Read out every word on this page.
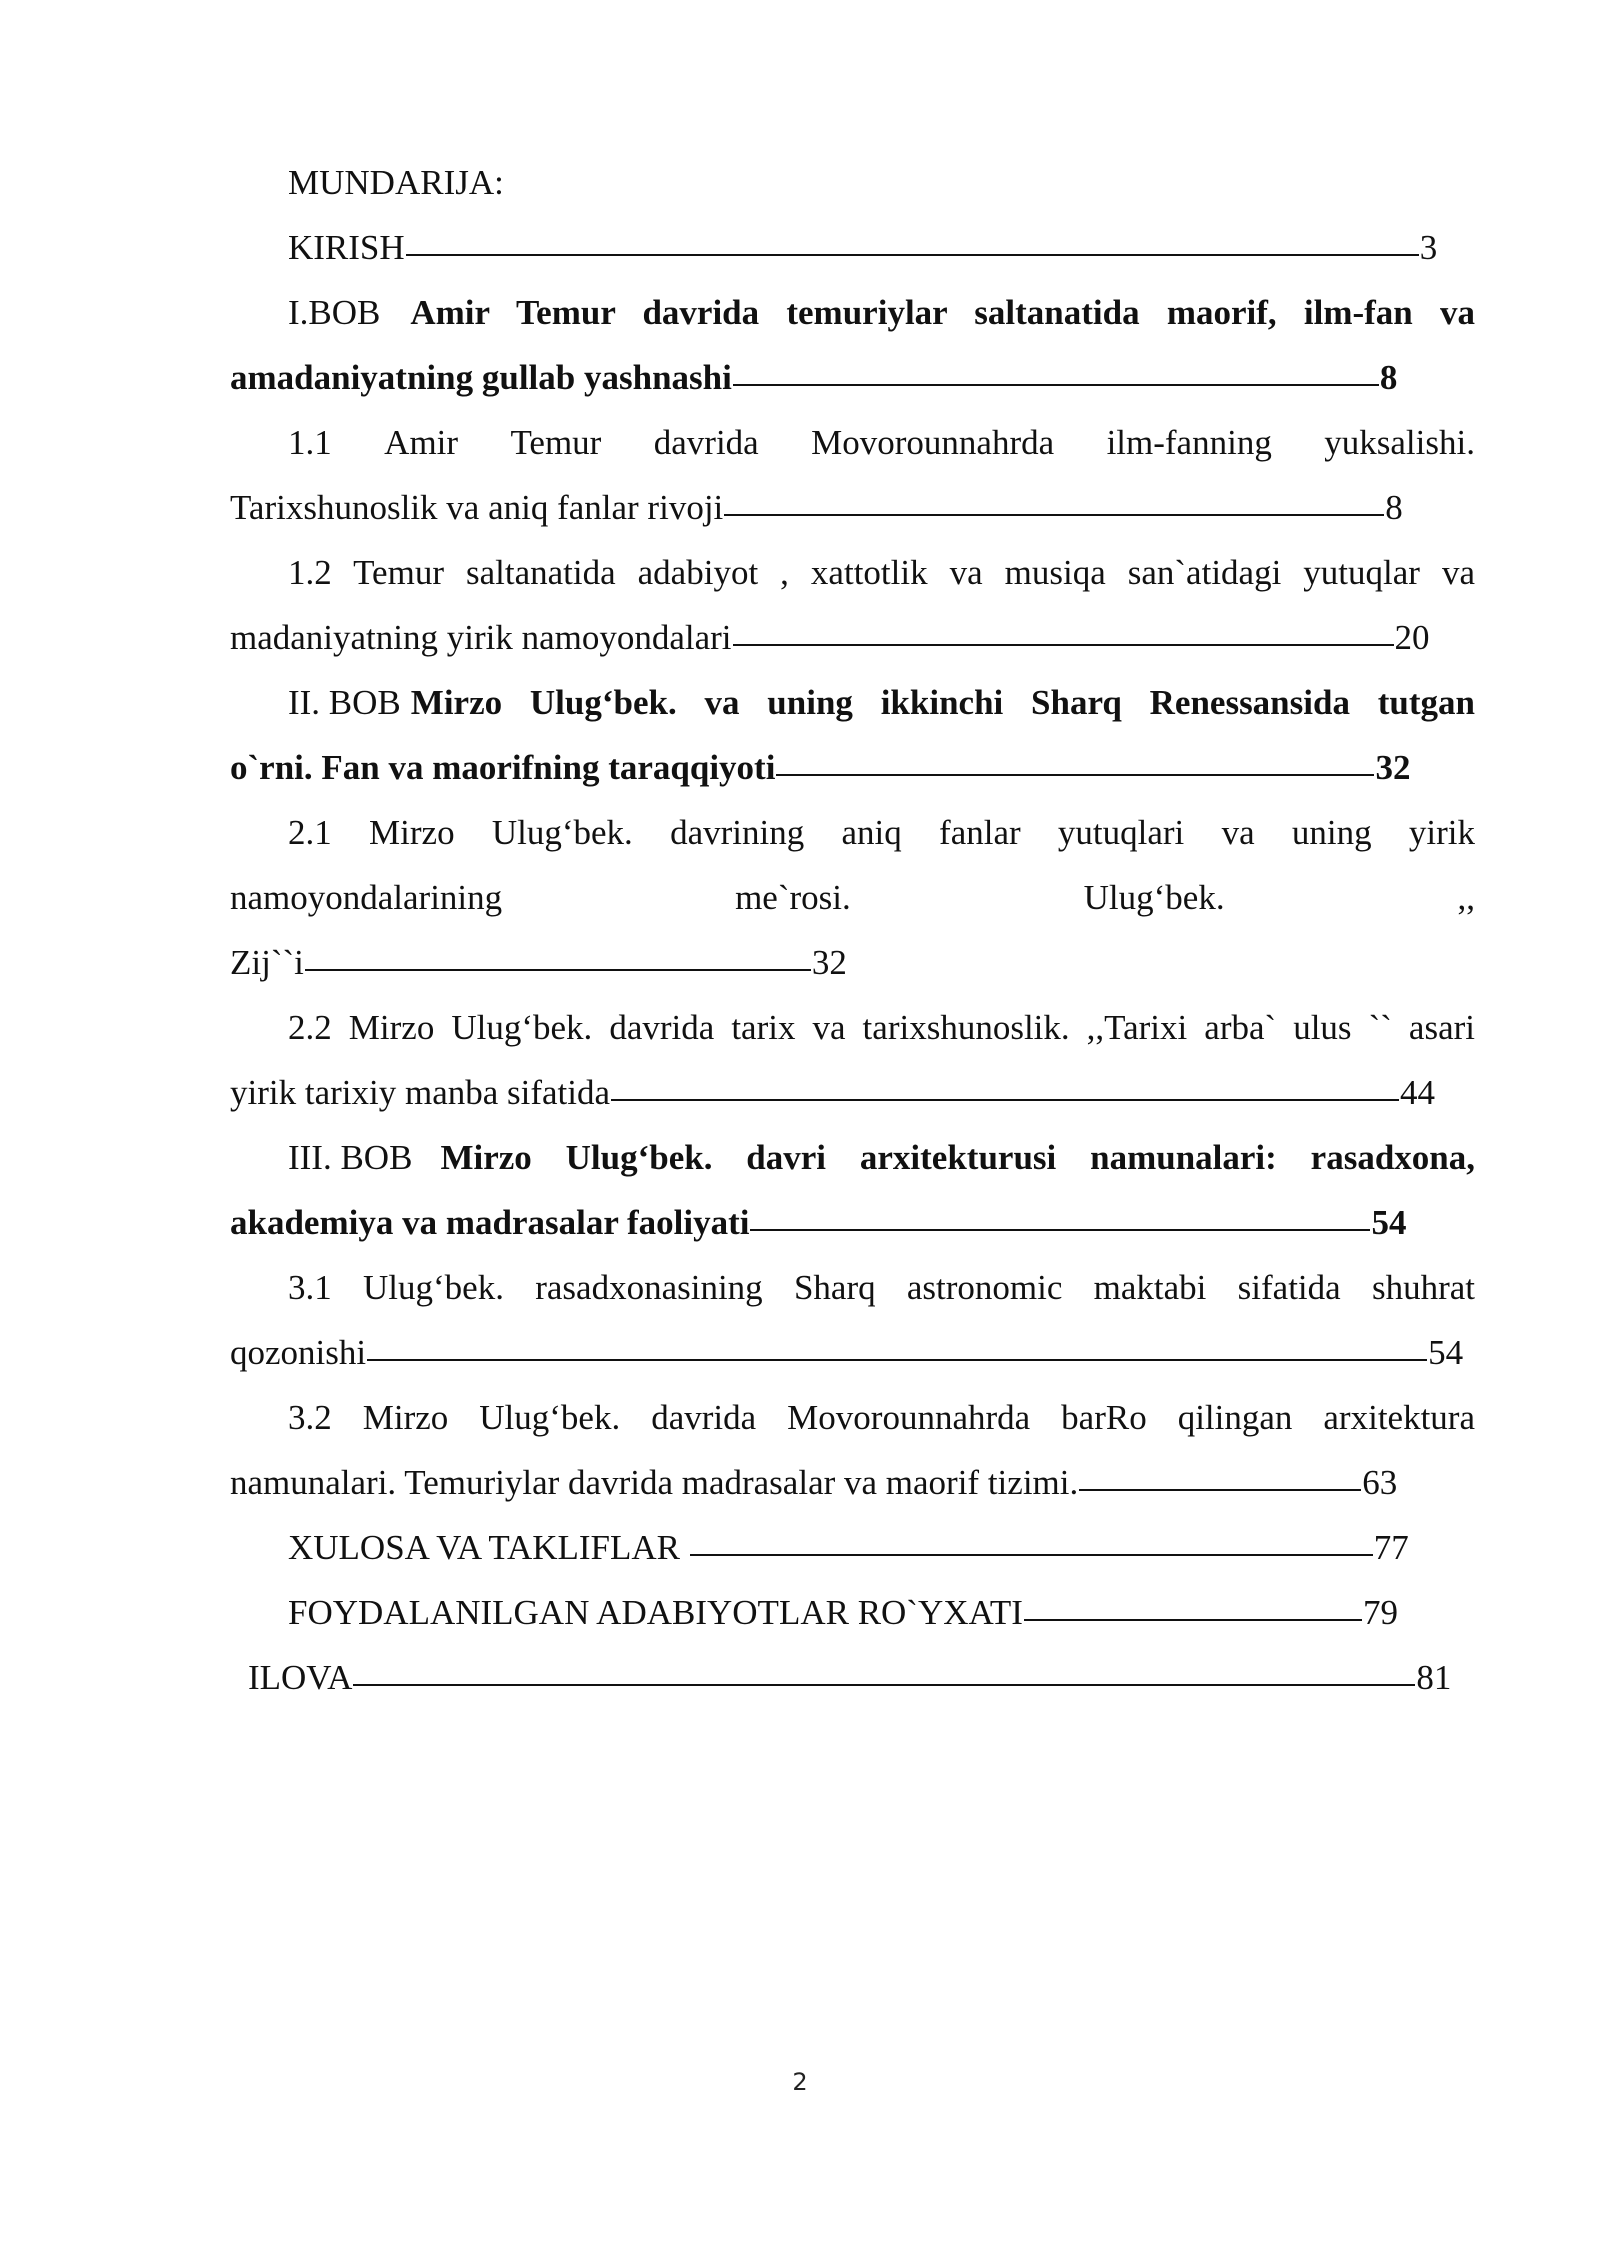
MUNDARIJA:
KIRISH	3
I.BOB Amir Temur davrida temuriylar saltanatida maorif, ilm-fan va
amadaniyatning gullab yashnashi	8
1.1 Amir Temur davrida Movorounnahrda ilm-fanning yuksalishi.
Tarixshunoslik va aniq fanlar rivoji	8
1.2 Temur saltanatida adabiyot , xattotlik va musiqa san`atidagi yutuqlar va
madaniyatning yirik namoyondalari	20
II. BOB Mirzo Ulug‘bek. va uning ikkinchi Sharq Renessansida tutgan
o`rni. Fan va maorifning taraqqiyoti	32
2.1 Mirzo Ulug‘bek. davrining aniq fanlar yutuqlari va uning yirik
namoyondalarining	me`rosi.	Ulug‘bek.	,,
Zij``i	32
2.2 Mirzo Ulug‘bek. davrida tarix va tarixshunoslik. ,,Tarixi arba` ulus `` asari
yirik tarixiy manba sifatida	44
III. BOB Mirzo Ulug‘bek. davri arxitekturusi namunalari: rasadxona,
akademiya va madrasalar faoliyati	54
3.1 Ulug‘bek. rasadxonasining Sharq astronomic maktabi sifatida shuhrat
qozonishi	54
3.2 Mirzo Ulug‘bek. davrida Movorounnahrda barRo qilingan arxitektura
namunalari. Temuriylar davrida madrasalar va maorif tizimi.	63
XULOSA VA TAKLIFLAR	77
FOYDALANILGAN ADABIYOTLAR RO`YXATI	79
ILOVA	81
2
